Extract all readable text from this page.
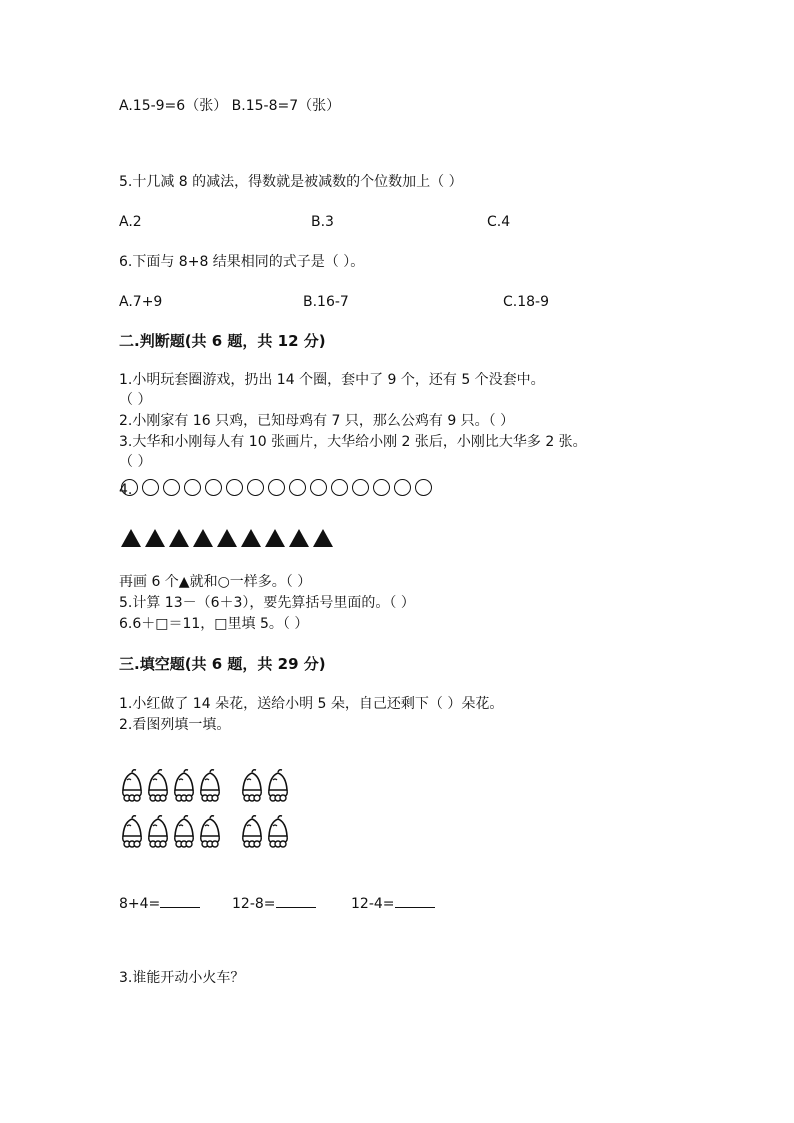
A.15-9=6（张） B.15-8=7（张）
5.十几减 8 的减法，得数就是被减数的个位数加上（ ）
A.2	B.3	C.4
6.下面与 8+8 结果相同的式子是（ ）。
A.7+9	B.16-7	C.18-9
二.判断题(共 6 题，共 12 分)
1.小明玩套圈游戏，扔出 14 个圈，套中了 9 个，还有 5 个没套中。
（ ）
2.小刚家有 16 只鸡，已知母鸡有 7 只，那么公鸡有 9 只。（ ）
3.大华和小刚每人有 10 张画片，大华给小刚 2 张后，小刚比大华多 2 张。
（ ）
4.
再画 6 个▲就和○一样多。（ ）
5.计算 13－（6＋3），要先算括号里面的。（ ）
6.6＋□＝11，□里填 5。（ ）
三.填空题(共 6 题，共 29 分)
1.小红做了 14 朵花，送给小明 5 朵，自己还剩下（ ）朵花。
2.看图列填一填。
8+4=	12-8=	12-4=
3.谁能开动小火车？
